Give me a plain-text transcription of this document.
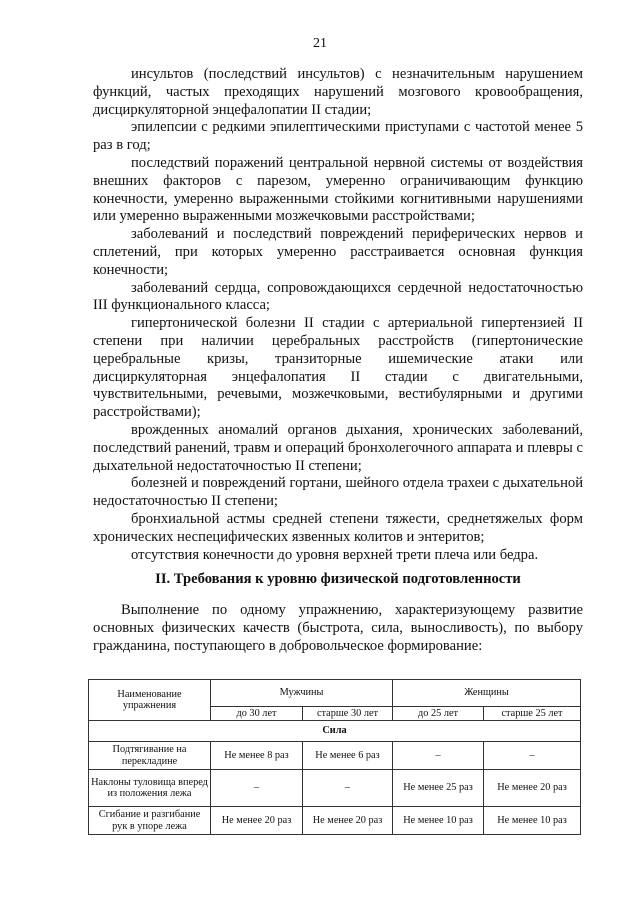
21

инсультов (последствий инсультов) с незначительным нарушением функций, частых преходящих нарушений мозгового кровообращения, дисциркуляторной энцефалопатии II стадии;

эпилепсии с редкими эпилептическими приступами с частотой менее 5 раз в год;

последствий поражений центральной нервной системы от воздействия внешних факторов с парезом, умеренно ограничивающим функцию конечности, умеренно выраженными стойкими когнитивными нарушениями или умеренно выраженными мозжечковыми расстройствами;

заболеваний и последствий повреждений периферических нервов и сплетений, при которых умеренно расстраивается основная функция конечности;

заболеваний сердца, сопровождающихся сердечной недостаточностью III функционального класса;

гипертонической болезни II стадии с артериальной гипертензией II степени при наличии церебральных расстройств (гипертонические церебральные кризы, транзиторные ишемические атаки или дисциркуляторная энцефалопатия II стадии с двигательными, чувствительными, речевыми, мозжечковыми, вестибулярными и другими расстройствами);

врожденных аномалий органов дыхания, хронических заболеваний, последствий ранений, травм и операций бронхолегочного аппарата и плевры с дыхательной недостаточностью II степени;

болезней и повреждений гортани, шейного отдела трахеи с дыхательной недостаточностью II степени;

бронхиальной астмы средней степени тяжести, среднетяжелых форм хронических неспецифических язвенных колитов и энтеритов;

отсутствия конечности до уровня верхней трети плеча или бедра.

II. Требования к уровню физической подготовленности

Выполнение по одному упражнению, характеризующему развитие основных физических качеств (быстрота, сила, выносливость), по выбору гражданина, поступающего в добровольческое формирование:

Наименование упражнения	Мужчины		Женщины	
	до 30 лет	старше 30 лет	до 25 лет	старше 25 лет
Сила				
Подтягивание на перекладине	Не менее 8 раз	Не менее 6 раз	–	–
Наклоны туловища вперед из положения лежа	–	–	Не менее 25 раз	Не менее 20 раз
Сгибание и разгибание рук в упоре лежа	Не менее 20 раз	Не менее 20 раз	Не менее 10 раз	Не менее 10 раз
